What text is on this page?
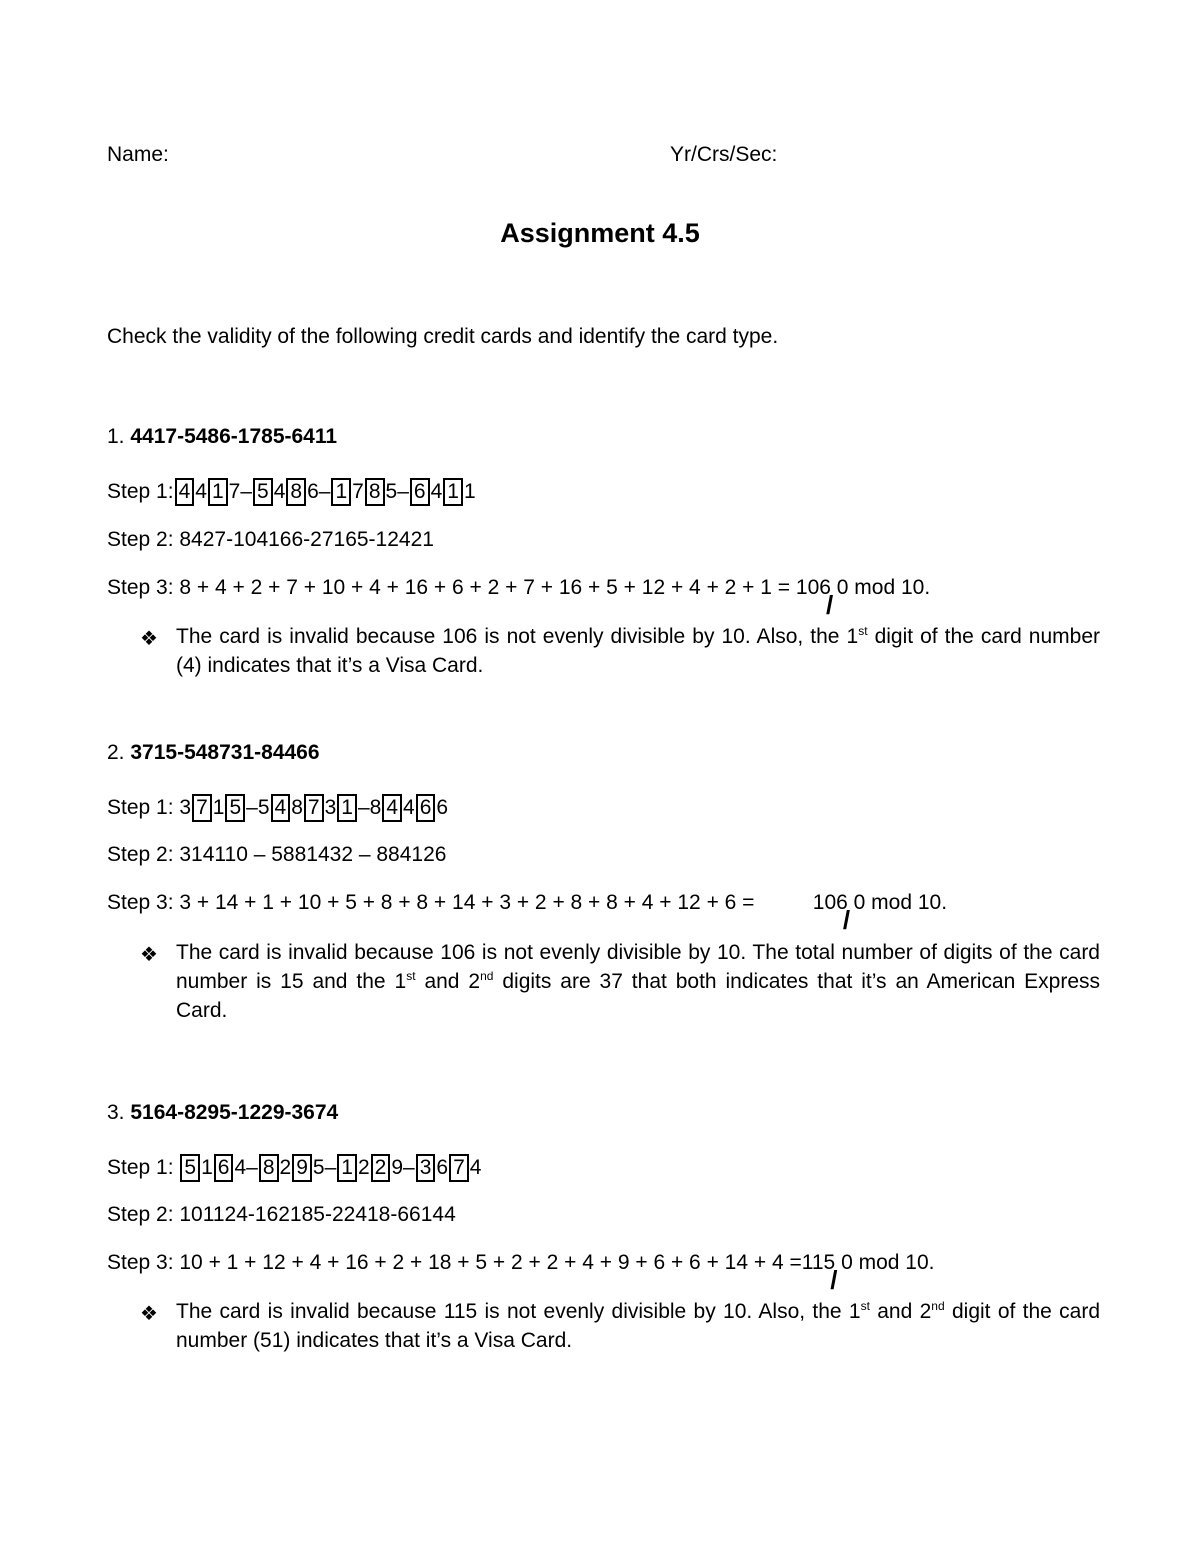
Name:	Yr/Crs/Sec:
Assignment 4.5
Check the validity of the following credit cards and identify the card type.
1. 4417-5486-1785-6411
Step 1: 4 4 1 7– 5 4 8 6– 1 7 8 5– 6 4 1 1
Step 2: 8427-104166-27165-12421
Step 3: 8 + 4 + 2 + 7 + 10 + 4 + 16 + 6 + 2 + 7 + 16 + 5 + 12 + 4 + 2 + 1 = 106
/
0 mod 10.
❖ The card is invalid because 106 is not evenly divisible by 10. Also, the 1st digit of the card number (4) indicates that it’s a Visa Card.
2. 3715-548731-84466
Step 1: 3 7 1 5 –5 4 8 7 3 1 –8 4 4 6 6
Step 2: 314110 – 5881432 – 884126
Step 3: 3 + 14 + 1 + 10 + 5 + 8 + 8 + 14 + 3 + 2 + 8 + 8 + 4 + 12 + 6 =          106
/
0 mod 10.
❖ The card is invalid because 106 is not evenly divisible by 10. The total number of digits of the card number is 15 and the 1st and 2nd digits are 37 that both indicates that it’s an American Express Card.
3. 5164-8295-1229-3674
Step 1: 5 1 6 4– 8 2 9 5– 1 2 2 9– 3 6 7 4
Step 2: 101124-162185-22418-66144
Step 3: 10 + 1 + 12 + 4 + 16 + 2 + 18 + 5 + 2 + 2 + 4 + 9 + 6 + 6 + 14 + 4 =115
/
0 mod 10.
❖ The card is invalid because 115 is not evenly divisible by 10. Also, the 1st and 2nd digit of the card number (51) indicates that it’s a Visa Card.
